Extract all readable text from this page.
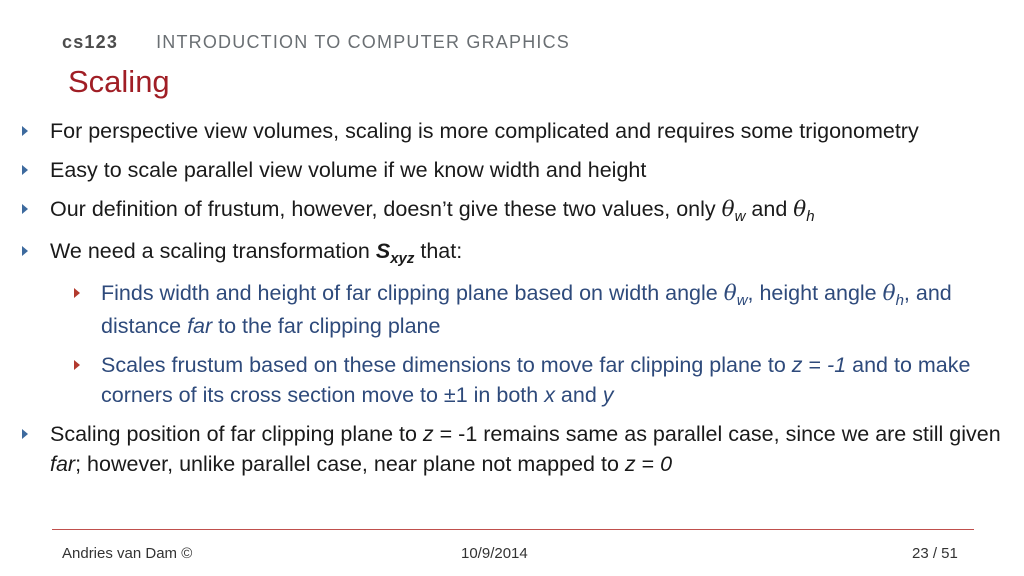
cs123 INTRODUCTION TO COMPUTER GRAPHICS
Scaling
For perspective view volumes, scaling is more complicated and requires some trigonometry
Easy to scale parallel view volume if we know width and height
Our definition of frustum, however, doesn’t give these two values, only $\theta_w$ and $\theta_h$
We need a scaling transformation $S_{xyz}$ that:
Finds width and height of far clipping plane based on width angle $\theta_w$, height angle $\theta_h$, and distance far to the far clipping plane
Scales frustum based on these dimensions to move far clipping plane to z = -1 and to make corners of its cross section move to ±1 in both x and y
Scaling position of far clipping plane to z = -1 remains same as parallel case, since we are still given far; however, unlike parallel case, near plane not mapped to z = 0
Andries van Dam ©	10/9/2014	23 / 51
